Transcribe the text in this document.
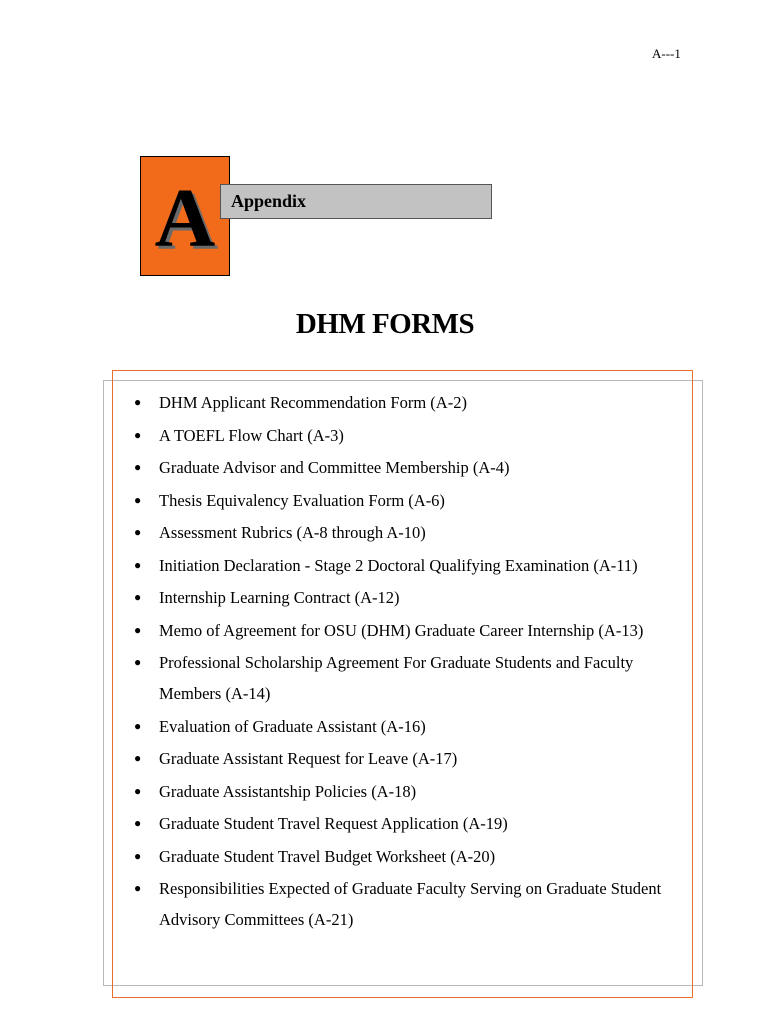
A---1
A Appendix
DHM FORMS
● DHM Applicant Recommendation Form (A-2)
● A TOEFL Flow Chart (A-3)
● Graduate Advisor and Committee Membership (A-4)
● Thesis Equivalency Evaluation Form (A-6)
● Assessment Rubrics (A-8 through A-10)
● Initiation Declaration - Stage 2 Doctoral Qualifying Examination (A-11)
● Internship Learning Contract (A-12)
● Memo of Agreement for OSU (DHM) Graduate Career Internship (A-13)
● Professional Scholarship Agreement For Graduate Students and Faculty Members (A-14)
● Evaluation of Graduate Assistant (A-16)
● Graduate Assistant Request for Leave (A-17)
● Graduate Assistantship Policies (A-18)
● Graduate Student Travel Request Application (A-19)
● Graduate Student Travel Budget Worksheet (A-20)
● Responsibilities Expected of Graduate Faculty Serving on Graduate Student Advisory Committees (A-21)
